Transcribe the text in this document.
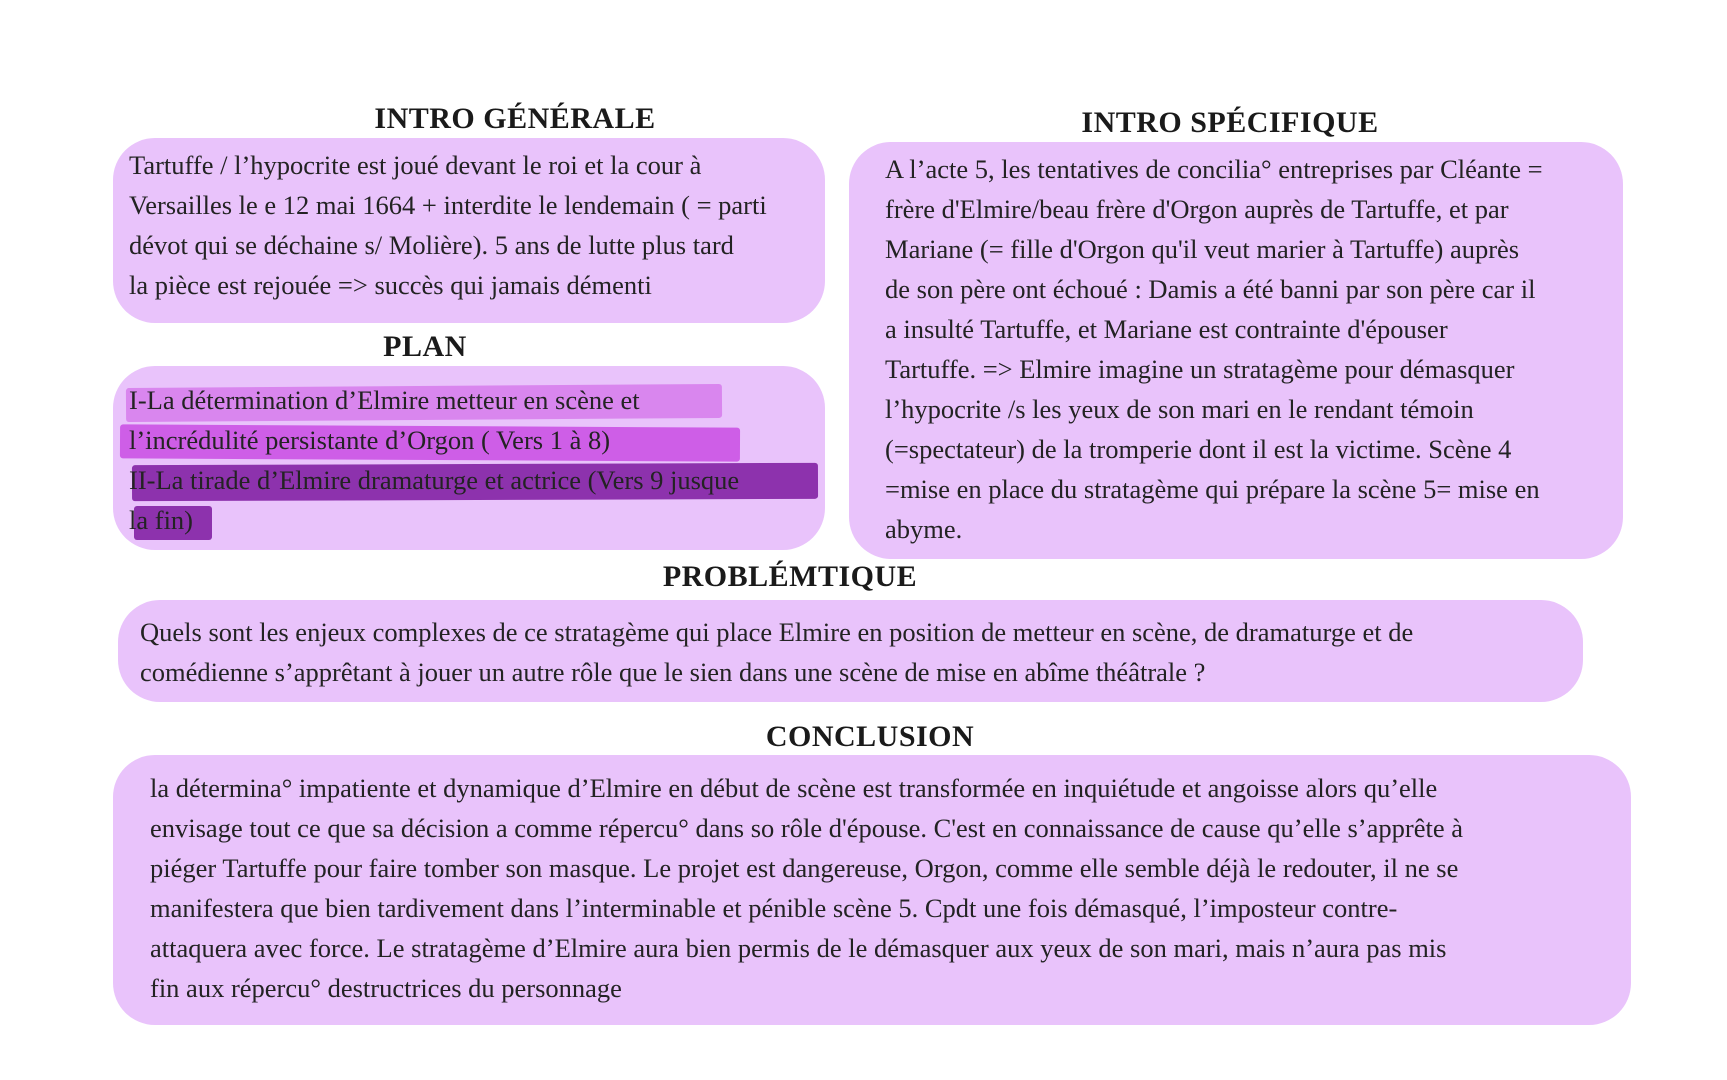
INTRO GÉNÉRALE
Tartuffe / l’hypocrite est joué devant le roi et la cour à
Versailles le e 12 mai 1664 + interdite le lendemain ( = parti
dévot qui se déchaine s/ Molière). 5 ans de lutte plus tard
la pièce est rejouée => succès qui jamais démenti
PLAN
I-La détermination d’Elmire metteur en scène et
l’incrédulité persistante d’Orgon ( Vers 1 à 8)
II-La tirade d’Elmire dramaturge et actrice (Vers 9 jusque
la fin)
INTRO SPÉCIFIQUE
A l’acte 5, les tentatives de concilia° entreprises par Cléante =
frère d'Elmire/beau frère d'Orgon auprès de Tartuffe, et par
Mariane (= fille d'Orgon qu'il veut marier à Tartuffe) auprès
de son père ont échoué : Damis a été banni par son père car il
a insulté Tartuffe, et Mariane est contrainte d'épouser
Tartuffe. => Elmire imagine un stratagème pour démasquer
l’hypocrite /s les yeux de son mari en le rendant témoin
(=spectateur) de la tromperie dont il est la victime. Scène 4
=mise en place du stratagème qui prépare la scène 5= mise en
abyme.
PROBLÉMTIQUE
Quels sont les enjeux complexes de ce stratagème qui place Elmire en position de metteur en scène, de dramaturge et de
comédienne s’apprêtant à jouer un autre rôle que le sien dans une scène de mise en abîme théâtrale ?
CONCLUSION
la détermina° impatiente et dynamique d’Elmire en début de scène est transformée en inquiétude et angoisse alors qu’elle
envisage tout ce que sa décision a comme répercu° dans so rôle d'épouse. C'est en connaissance de cause qu’elle s’apprête à
piéger Tartuffe pour faire tomber son masque. Le projet est dangereuse, Orgon, comme elle semble déjà le redouter, il ne se
manifestera que bien tardivement dans l’interminable et pénible scène 5. Cpdt une fois démasqué, l’imposteur contre-
attaquera avec force. Le stratagème d’Elmire aura bien permis de le démasquer aux yeux de son mari, mais n’aura pas mis
fin aux répercu° destructrices du personnage
